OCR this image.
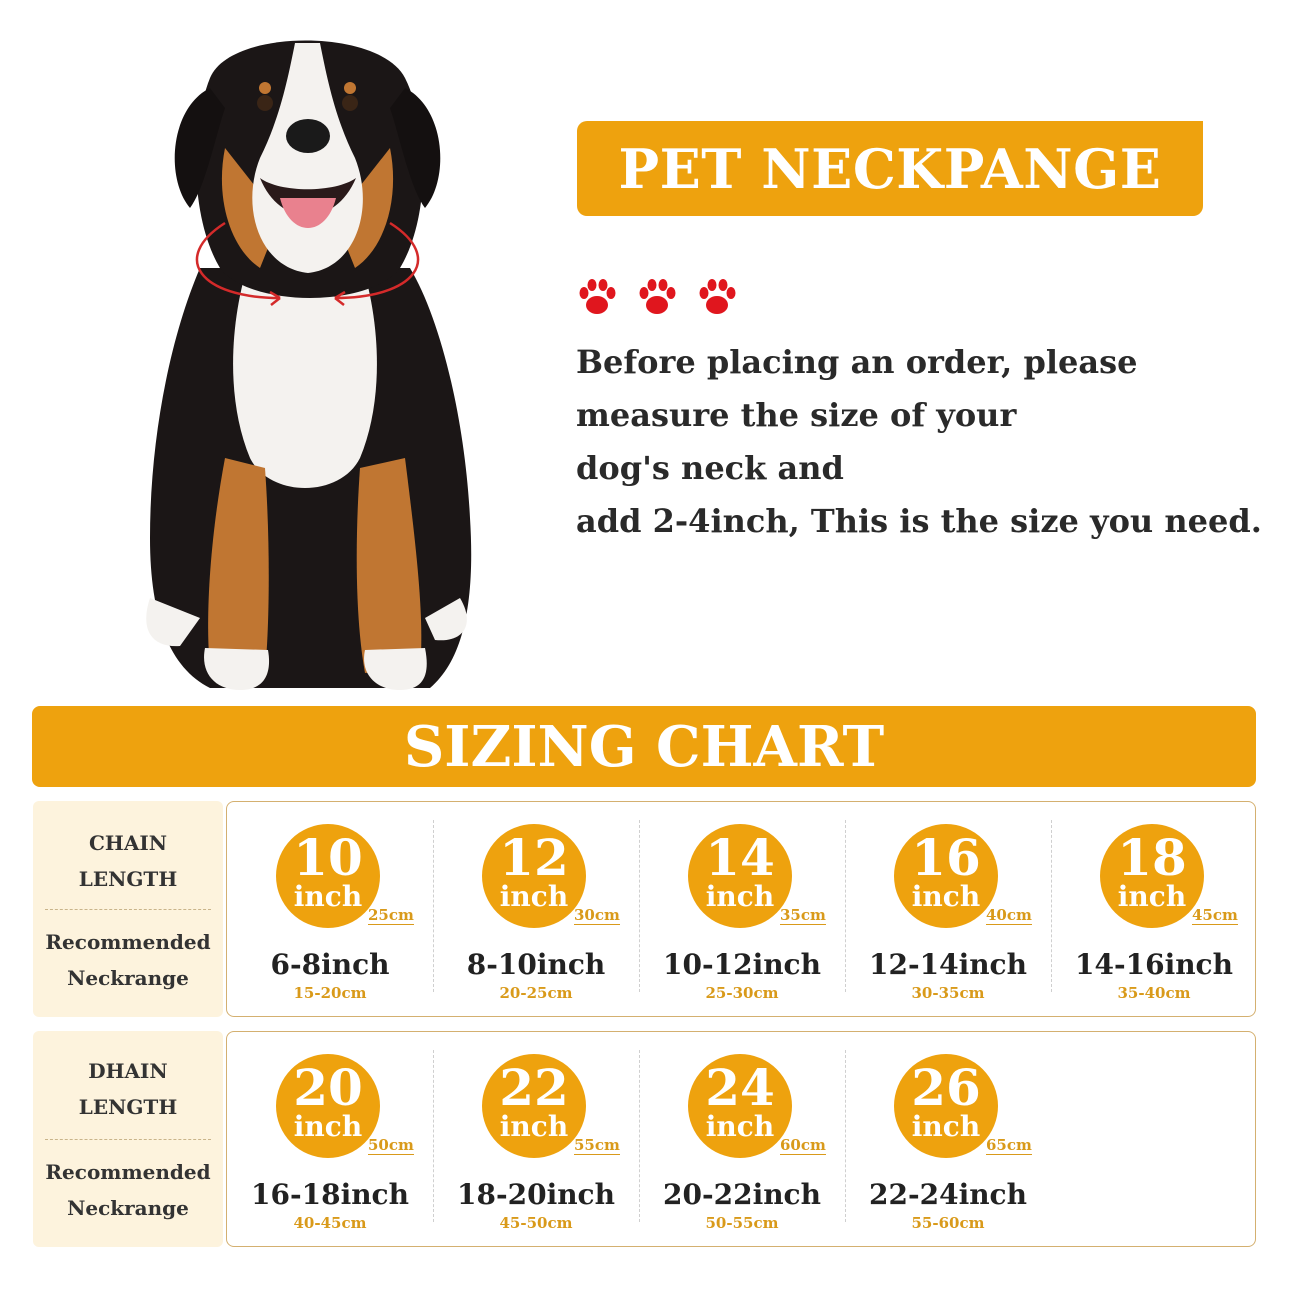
PET NECKPANGE
Before placing an order, please
measure the size of your
dog's neck and
add 2-4inch, This is the size you need.
SIZING CHART
CHAIN
LENGTH
Recommended
Neckrange
10
inch
25cm
6-8inch
15-20cm
12
inch
30cm
8-10inch
20-25cm
14
inch
35cm
10-12inch
25-30cm
16
inch
40cm
12-14inch
30-35cm
18
inch
45cm
14-16inch
35-40cm
DHAIN
LENGTH
Recommended
Neckrange
20
inch
50cm
16-18inch
40-45cm
22
inch
55cm
18-20inch
45-50cm
24
inch
60cm
20-22inch
50-55cm
26
inch
65cm
22-24inch
55-60cm
